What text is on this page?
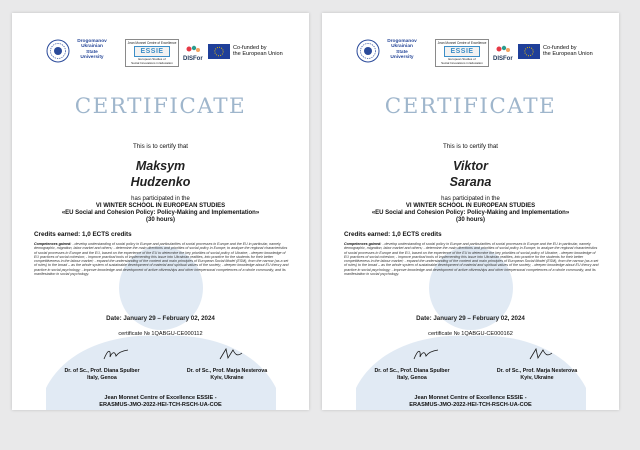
Drogomanov
Ukrainian
State
University
Jean Monnet Centre of Excellence
ESSIE
European Studies of
Social Innovations in Education
DISFor
Co-funded by
the European Union
CERTIFICATE
This is to certify that
Maksym
Hudzenko
has participated in the
VI WINTER SCHOOL IN EUROPEAN STUDIES
«EU Social and Cohesion Policy: Policy-Making and Implementation»
(30 hours)
Credits earned: 1,0 ECTS credits
Competences gained: - develop understanding of social policy in Europe and particularities of social processes in Europe and the EU in particular, namely demographic, migration, labor market and others; - determine the main directions and priorities of social policy in Europe; to analyze the regional characteristics of social processes in Europe and the EU, based on the experience of the EU to determine the key priorities of social policy of Ukraine; - deepen knowledge of EU practices of social cohesion; - improve practical tools of implementing this issue into Ukrainian realities, into practice for the students for their better competitiveness in the labour market; - expand the understanding of the content and main principles of European Social Model (ESM), from the narrow (as a set of rules) to the broad – as the whole system of sustainable development of material and spiritual values of the society; - deepen knowledge about EU theory and practice in social psychology; - improve knowledge and development of active citizenships and other interpersonal competences of a whole community, and its manifestation in social psychology.
Date: January 29 – February 02, 2024
certificate № 1QABGU-CE000112
Dr. of Sc., Prof. Diana Spulber
Italy, Genoa
Dr. of Sc., Prof. Marja Nesterova
Kyiv, Ukraine
Jean Monnet Centre of Excellence ESSIE -
ERASMUS-JMO-2022-HEI-TCH-RSCH-UA-COE
Drogomanov
Ukrainian
State
University
Jean Monnet Centre of Excellence
ESSIE
European Studies of
Social Innovations in Education
DISFor
Co-funded by
the European Union
CERTIFICATE
This is to certify that
Viktor
Sarana
has participated in the
VI WINTER SCHOOL IN EUROPEAN STUDIES
«EU Social and Cohesion Policy: Policy-Making and Implementation»
(30 hours)
Credits earned: 1,0 ECTS credits
Competences gained: - develop understanding of social policy in Europe and particularities of social processes in Europe and the EU in particular, namely demographic, migration, labor market and others; - determine the main directions and priorities of social policy in Europe; to analyze the regional characteristics of social processes in Europe and the EU, based on the experience of the EU to determine the key priorities of social policy of Ukraine; - deepen knowledge of EU practices of social cohesion; - improve practical tools of implementing this issue into Ukrainian realities, into practice for the students for their better competitiveness in the labour market; - expand the understanding of the content and main principles of European Social Model (ESM), from the narrow (as a set of rules) to the broad – as the whole system of sustainable development of material and spiritual values of the society; - deepen knowledge about EU theory and practice in social psychology; - improve knowledge and development of active citizenships and other interpersonal competences of a whole community, and its manifestation in social psychology.
Date: January 29 – February 02, 2024
certificate № 1QABGU-CE000162
Dr. of Sc., Prof. Diana Spulber
Italy, Genoa
Dr. of Sc., Prof. Marja Nesterova
Kyiv, Ukraine
Jean Monnet Centre of Excellence ESSIE -
ERASMUS-JMO-2022-HEI-TCH-RSCH-UA-COE
